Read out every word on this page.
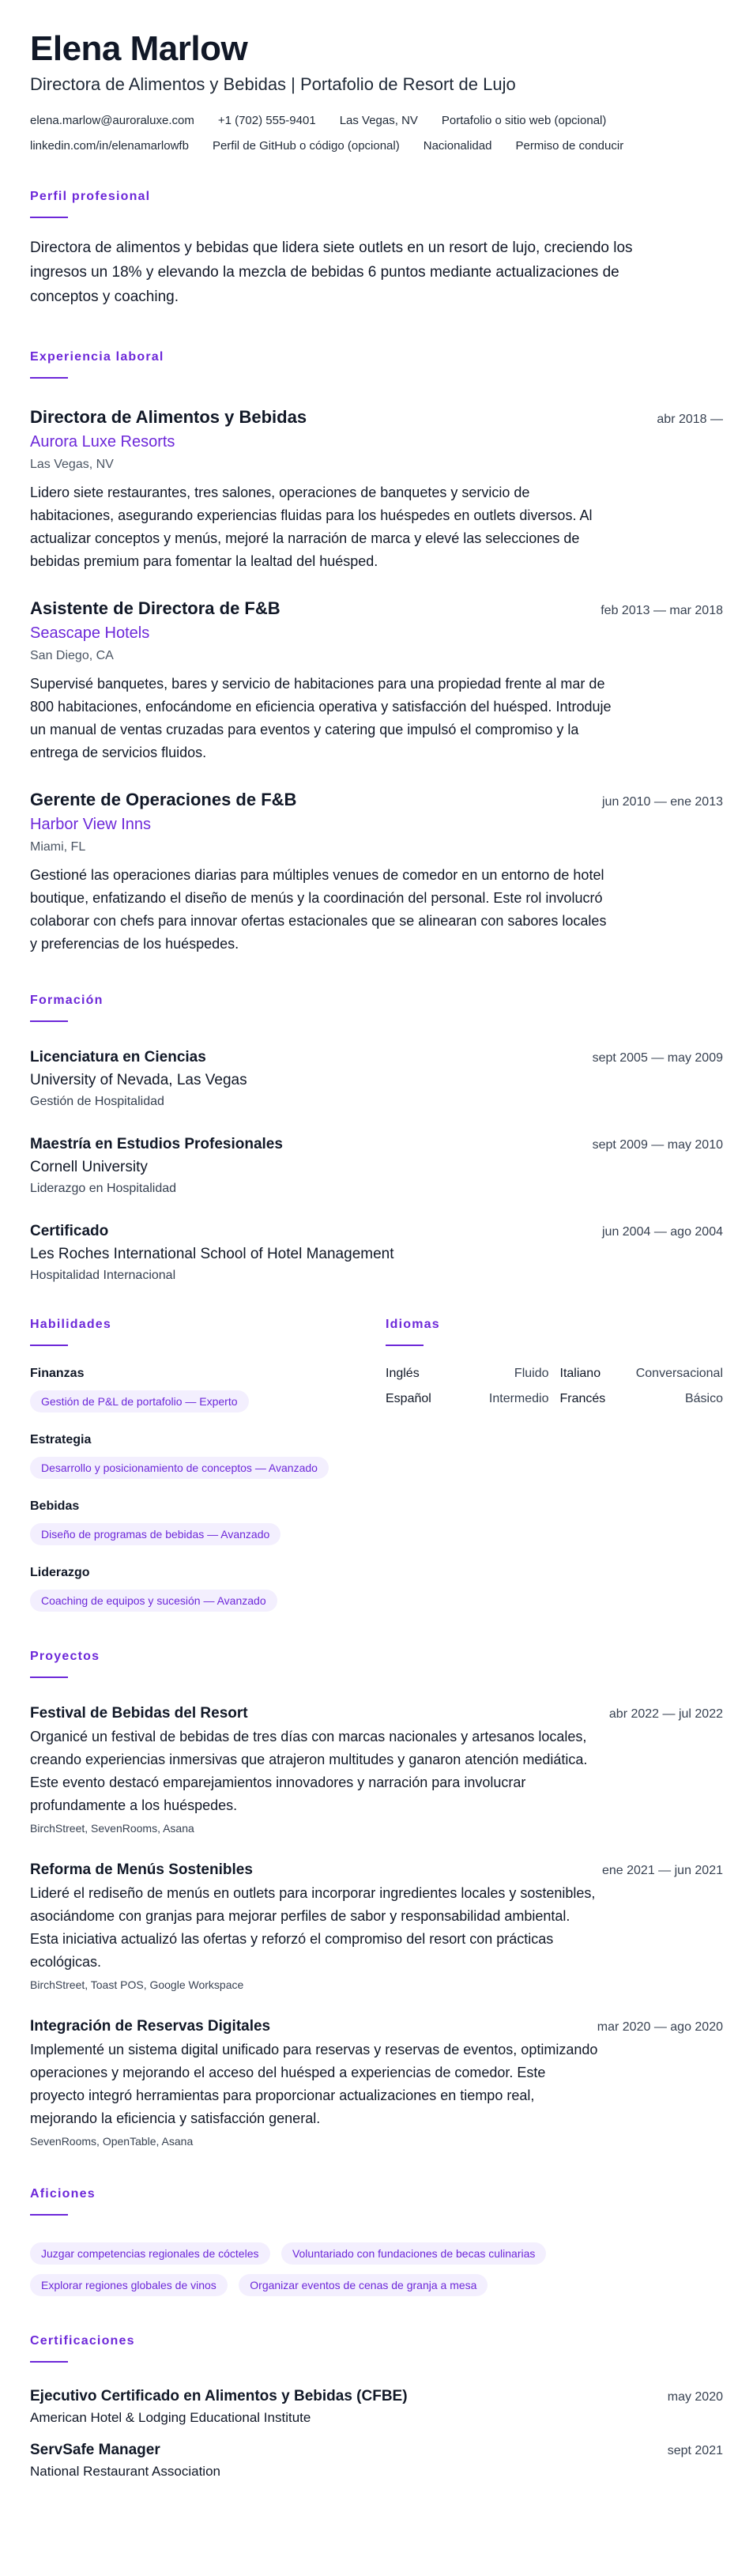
Elena Marlow
Directora de Alimentos y Bebidas | Portafolio de Resort de Lujo
elena.marlow@auroraluxe.com +1 (702) 555-9401 Las Vegas, NV Portafolio o sitio web (opcional)
linkedin.com/in/elenamarlowfb Perfil de GitHub o código (opcional) Nacionalidad Permiso de conducir
Perfil profesional

Directora de alimentos y bebidas que lidera siete outlets en un resort de lujo, creciendo los ingresos un 18% y elevando la mezcla de bebidas 6 puntos mediante actualizaciones de conceptos y coaching.

Experiencia laboral
Directora de Alimentos y Bebidas	abr 2018 —
Aurora Luxe Resorts
Las Vegas, NV

Lidero siete restaurantes, tres salones, operaciones de banquetes y servicio de habitaciones, asegurando experiencias fluidas para los huéspedes en outlets diversos. Al actualizar conceptos y menús, mejoré la narración de marca y elevé las selecciones de bebidas premium para fomentar la lealtad del huésped.

Asistente de Directora de F&B	feb 2013 — mar 2018
Seascape Hotels
San Diego, CA

Supervisé banquetes, bares y servicio de habitaciones para una propiedad frente al mar de 800 habitaciones, enfocándome en eficiencia operativa y satisfacción del huésped. Introduje un manual de ventas cruzadas para eventos y catering que impulsó el compromiso y la entrega de servicios fluidos.

Gerente de Operaciones de F&B	jun 2010 — ene 2013
Harbor View Inns
Miami, FL

Gestioné las operaciones diarias para múltiples venues de comedor en un entorno de hotel boutique, enfatizando el diseño de menús y la coordinación del personal. Este rol involucró colaborar con chefs para innovar ofertas estacionales que se alinearan con sabores locales y preferencias de los huéspedes.

Formación
Licenciatura en Ciencias	sept 2005 — may 2009
University of Nevada, Las Vegas
Gestión de Hospitalidad
Maestría en Estudios Profesionales	sept 2009 — may 2010
Cornell University
Liderazgo en Hospitalidad
Certificado	jun 2004 — ago 2004
Les Roches International School of Hotel Management
Hospitalidad Internacional
Habilidades
Finanzas
Gestión de P&L de portafolio — Experto
Estrategia
Desarrollo y posicionamiento de conceptos — Avanzado
Bebidas
Diseño de programas de bebidas — Avanzado
Liderazgo
Coaching de equipos y sucesión — Avanzado
Idiomas
Inglés	Fluido Italiano	Conversacional
Español	Intermedio Francés	Básico
Proyectos
Festival de Bebidas del Resort	abr 2022 — jul 2022

Organicé un festival de bebidas de tres días con marcas nacionales y artesanos locales, creando experiencias inmersivas que atrajeron multitudes y ganaron atención mediática. Este evento destacó emparejamientos innovadores y narración para involucrar profundamente a los huéspedes.

BirchStreet, SevenRooms, Asana
Reforma de Menús Sostenibles	ene 2021 — jun 2021

Lideré el rediseño de menús en outlets para incorporar ingredientes locales y sostenibles, asociándome con granjas para mejorar perfiles de sabor y responsabilidad ambiental. Esta iniciativa actualizó las ofertas y reforzó el compromiso del resort con prácticas ecológicas.

BirchStreet, Toast POS, Google Workspace
Integración de Reservas Digitales	mar 2020 — ago 2020

Implementé un sistema digital unificado para reservas y reservas de eventos, optimizando operaciones y mejorando el acceso del huésped a experiencias de comedor. Este proyecto integró herramientas para proporcionar actualizaciones en tiempo real, mejorando la eficiencia y satisfacción general.

SevenRooms, OpenTable, Asana
Aficiones
Juzgar competencias regionales de cócteles	Voluntariado con fundaciones de becas culinarias Explorar regiones globales de vinos	Organizar eventos de cenas de granja a mesa
Certificaciones
Ejecutivo Certificado en Alimentos y Bebidas (CFBE)	may 2020
American Hotel & Lodging Educational Institute
ServSafe Manager	sept 2021
National Restaurant Association
